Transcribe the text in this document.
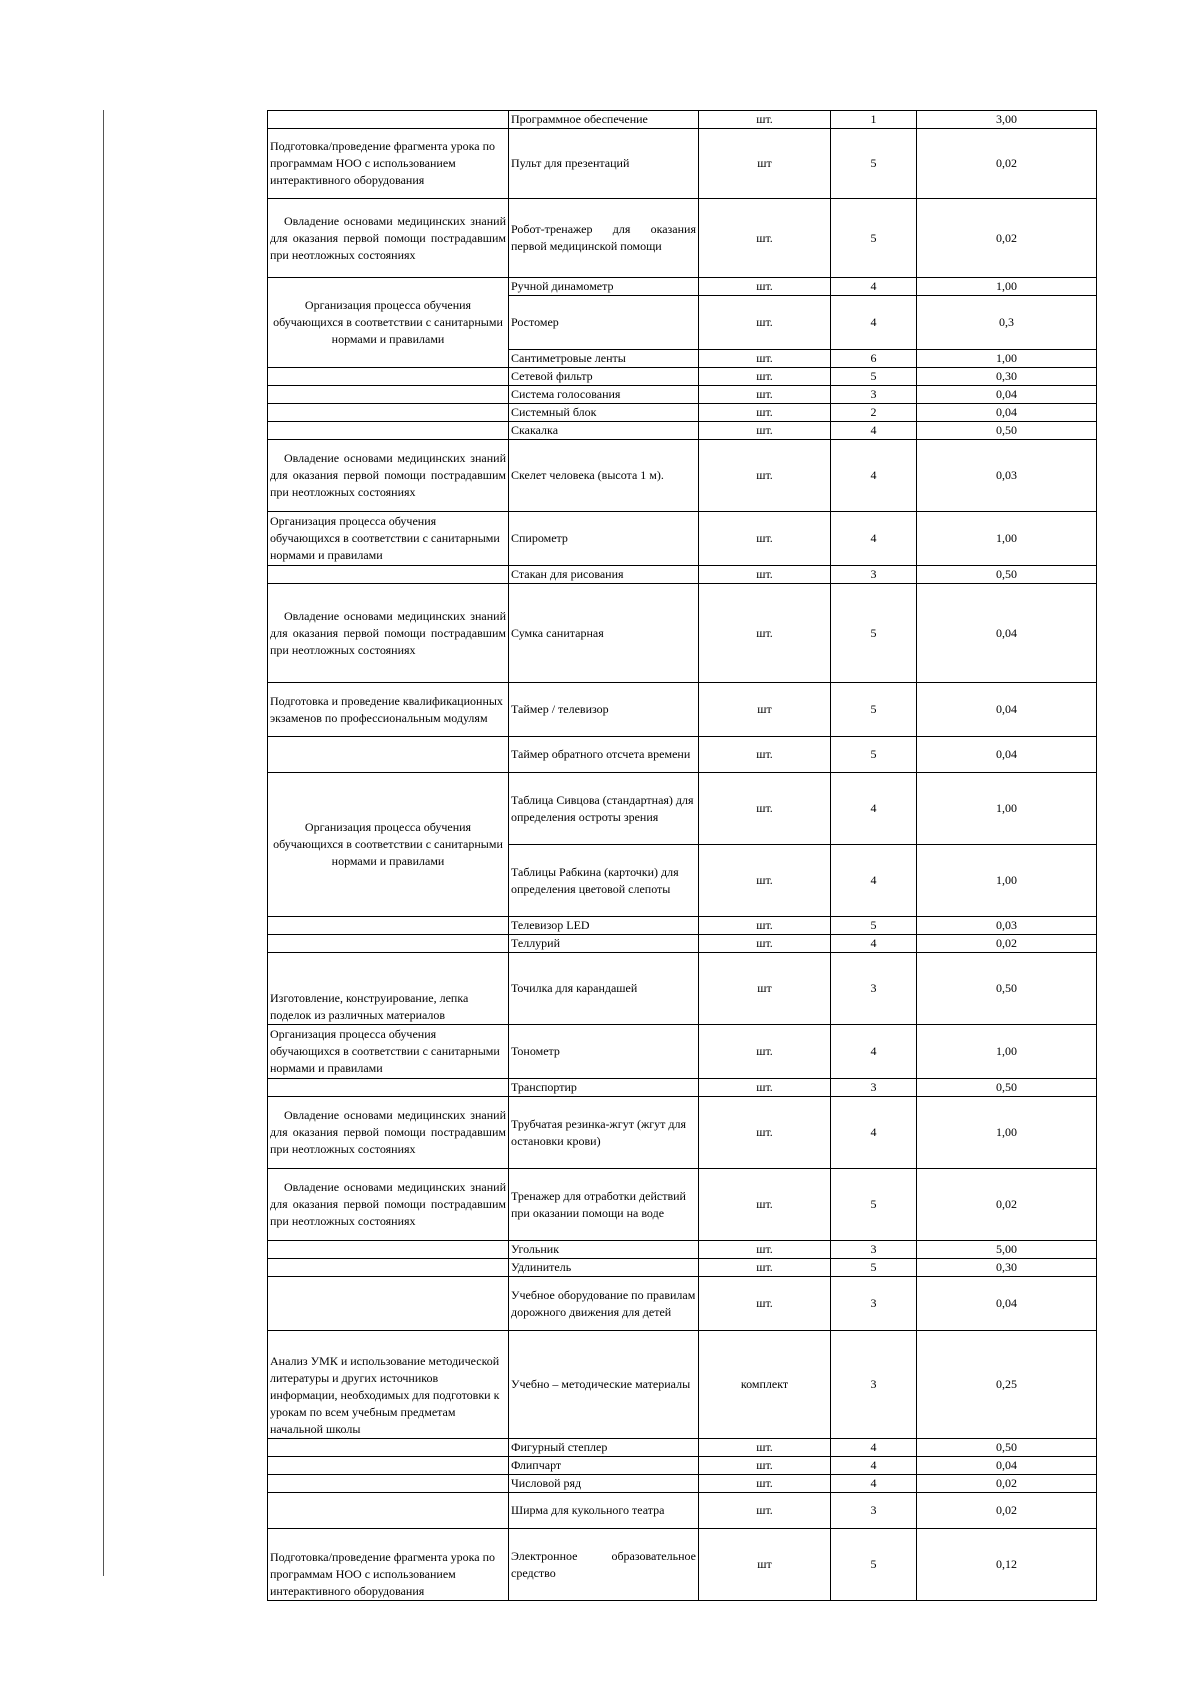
	Программное обеспечение	шт.	1	3,00
Подготовка/проведение фрагмента урока по программам НОО с использованием интерактивного оборудования	Пульт для презентаций	шт	5	0,02
Овладение основами медицинских знаний для оказания первой помощи пострадавшим при неотложных состояниях	Робот-тренажер для оказания первой медицинской помощи	шт.	5	0,02
Организация процесса обучения обучающихся в соответствии с санитарными нормами и правилами	Ручной динамометр	шт.	4	1,00
	Ростомер	шт.	4	0,3
	Сантиметровые ленты	шт.	6	1,00
	Сетевой фильтр	шт.	5	0,30
	Система голосования	шт.	3	0,04
	Системный блок	шт.	2	0,04
	Скакалка	шт.	4	0,50
Овладение основами медицинских знаний для оказания первой помощи пострадавшим при неотложных состояниях	Скелет человека (высота 1 м).	шт.	4	0,03
Организация процесса обучения обучающихся в соответствии с санитарными нормами и правилами	Спирометр	шт.	4	1,00
	Стакан для рисования	шт.	3	0,50
Овладение основами медицинских знаний для оказания первой помощи пострадавшим при неотложных состояниях	Сумка санитарная	шт.	5	0,04
Подготовка и проведение квалификационных экзаменов по профессиональным модулям	Таймер / телевизор	шт	5	0,04
	Таймер обратного отсчета времени	шт.	5	0,04
Организация процесса обучения обучающихся в соответствии с санитарными нормами и правилами	Таблица Сивцова (стандартная) для определения остроты зрения	шт.	4	1,00
	Таблицы Рабкина (карточки) для определения цветовой слепоты	шт.	4	1,00
	Телевизор LED	шт.	5	0,03
	Теллурий	шт.	4	0,02
Изготовление, конструирование, лепка поделок из различных материалов	Точилка для карандашей	шт	3	0,50
Организация процесса обучения обучающихся в соответствии с санитарными нормами и правилами	Тонометр	шт.	4	1,00
	Транспортир	шт.	3	0,50
Овладение основами медицинских знаний для оказания первой помощи пострадавшим при неотложных состояниях	Трубчатая резинка-жгут (жгут для остановки крови)	шт.	4	1,00
Овладение основами медицинских знаний для оказания первой помощи пострадавшим при неотложных состояниях	Тренажер для отработки действий при оказании помощи на воде	шт.	5	0,02
	Угольник	шт.	3	5,00
	Удлинитель	шт.	5	0,30
	Учебное оборудование по правилам дорожного движения для детей	шт.	3	0,04
Анализ УМК и использование методической литературы и других источников информации, необходимых для подготовки к урокам по всем учебным предметам начальной школы	Учебно – методические материалы	комплект	3	0,25
	Фигурный степлер	шт.	4	0,50
	Флипчарт	шт.	4	0,04
	Числовой ряд	шт.	4	0,02
	Ширма для кукольного театра	шт.	3	0,02
Подготовка/проведение фрагмента урока по программам НОО с использованием интерактивного оборудования	Электронное образовательное средство	шт	5	0,12
